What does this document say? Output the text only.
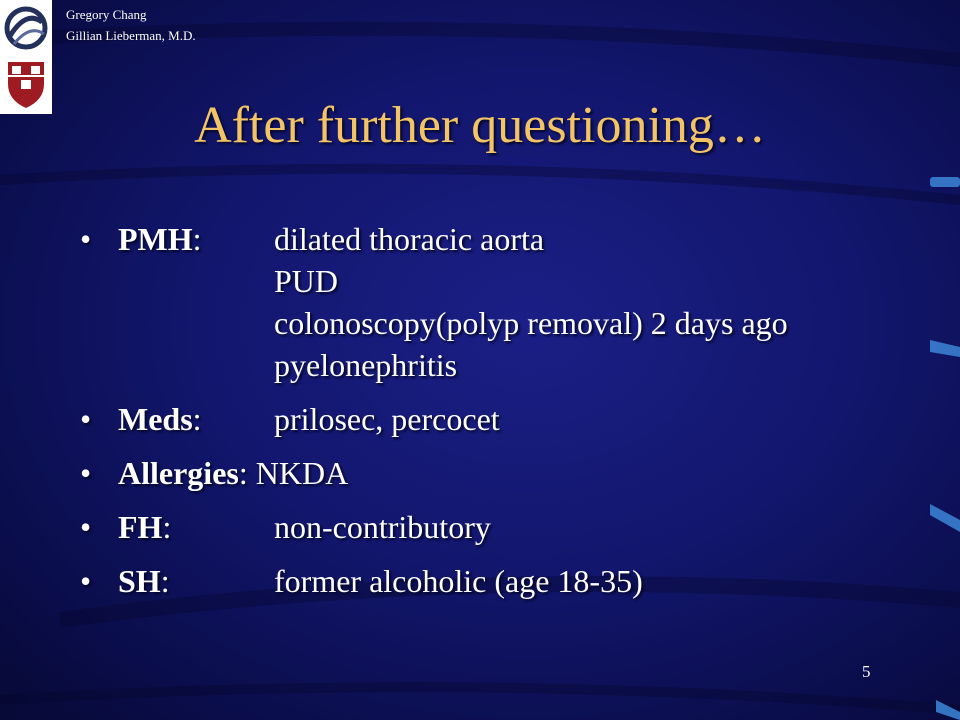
Gregory Chang
Gillian Lieberman, M.D.
After further questioning…
• PMH: dilated thoracic aorta
PUD
colonoscopy(polyp removal) 2 days ago
pyelonephritis
• Meds: prilosec, percocet
• Allergies: NKDA
• FH:	non-contributory
• SH:	former alcoholic (age 18-35)
5
